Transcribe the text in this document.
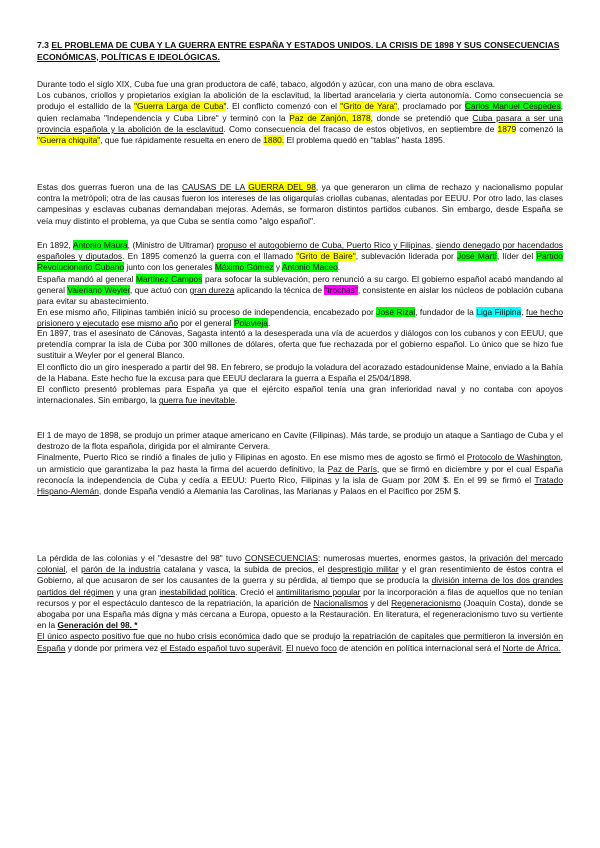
7.3 EL PROBLEMA DE CUBA Y LA GUERRA ENTRE ESPAÑA Y ESTADOS UNIDOS. LA CRISIS DE 1898 Y SUS CONSECUENCIAS ECONÓMICAS, POLÍTICAS E IDEOLÓGICAS.

Durante todo el siglo XIX, Cuba fue una gran productora de café, tabaco, algodón y azúcar, con una mano de obra esclava.

Los cubanos, criollos y propietarios exigían la abolición de la esclavitud, la libertad arancelaria y cierta autonomía. Como consecuencia se produjo el estallido de la "Guerra Larga de Cuba". El conflicto comenzó con el "Grito de Yara", proclamado por Carlos Manuel Céspedes, quien reclamaba "Independencia y Cuba Libre" y terminó con la Paz de Zanjón, 1878, donde se pretendió que Cuba pasara a ser una provincia española y la abolición de la esclavitud. Como consecuencia del fracaso de estos objetivos, en septiembre de 1879 comenzó la "Guerra chiquita", que fue rápidamente resuelta en enero de 1880. El problema quedó en "tablas" hasta 1895.

Estas dos guerras fueron una de las CAUSAS DE LA GUERRA DEL 98, ya que generaron un clima de rechazo y nacionalismo popular contra la metrópoli; otra de las causas fueron los intereses de las oligarquías criollas cubanas, alentadas por EEUU. Por otro lado, las clases campesinas y esclavas cubanas demandaban mejoras. Además, se formaron distintos partidos cubanos. Sin embargo, desde España se veía muy distinto el problema, ya que Cuba se sentía como "algo español".

En 1892, Antonio Maura, (Ministro de Ultramar) propuso el autogobierno de Cuba, Puerto Rico y Filipinas, siendo denegado por hacendados españoles y diputados. En 1895 comenzó la guerra con el llamado "Grito de Baire", sublevación liderada por José Martí, líder del Partido Revolucionario Cubano junto con los generales Máximo Gómez y Antonio Maceo.

España mandó al general Martínez Campos para sofocar la sublevación, pero renunció a su cargo. El gobierno español acabó mandando al general Valeriano Weyler, que actuó con gran dureza aplicando la técnica de "trochas", consistente en aislar los núcleos de población cubana para evitar su abastecimiento.

En ese mismo año, Filipinas también inició su proceso de independencia, encabezado por José Rizal, fundador de la Liga Filipina, fue hecho prisionero y ejecutado ese mismo año por el general Polavieja.

En 1897, tras el asesinato de Cánovas, Sagasta intentó a la desesperada una vía de acuerdos y diálogos con los cubanos y con EEUU, que pretendía comprar la isla de Cuba por 300 millones de dólares, oferta que fue rechazada por el gobierno español. Lo único que se hizo fue sustituir a Weyler por el general Blanco.

El conflicto dio un giro inesperado a partir del 98. En febrero, se produjo la voladura del acorazado estadounidense Maine, enviado a la Bahía de la Habana. Este hecho fue la excusa para que EEUU declarara la guerra a España el 25/04/1898.

El conflicto presentó problemas para España ya que el ejército español tenía una gran inferioridad naval y no contaba con apoyos internacionales. Sin embargo, la guerra fue inevitable.

El 1 de mayo de 1898, se produjo un primer ataque americano en Cavite (Filipinas). Más tarde, se produjo un ataque a Santiago de Cuba y el destrozo de la flota española, dirigida por el almirante Cervera.

Finalmente, Puerto Rico se rindió a finales de julio y Filipinas en agosto. En ese mismo mes de agosto se firmó el Protocolo de Washington, un armisticio que garantizaba la paz hasta la firma del acuerdo definitivo, la Paz de París, que se firmó en diciembre y por el cual España reconocía la independencia de Cuba y cedía a EEUU: Puerto Rico, Filipinas y la isla de Guam por 20M $. En el 99 se firmó el Tratado Hispano-Alemán, donde España vendió a Alemania las Carolinas, las Marianas y Palaos en el Pacífico por 25M $.

La pérdida de las colonias y el "desastre del 98" tuvo CONSECUENCIAS: numerosas muertes, enormes gastos, la privación del mercado colonial, el parón de la industria catalana y vasca, la subida de precios, el desprestigio militar y el gran resentimiento de éstos contra el Gobierno, al que acusaron de ser los causantes de la guerra y su pérdida, al tiempo que se producía la división interna de los dos grandes partidos del régimen y una gran inestabilidad política. Creció el antimilitarismo popular por la incorporación a filas de aquellos que no tenían recursos y por el espectáculo dantesco de la repatriación, la aparición de Nacionalismos y del Regeneracionismo (Joaquín Costa), donde se abogaba por una España más digna y más cercana a Europa, opuesto a la Restauración. En literatura, el regeneracionismo tuvo su vertiente en la Generación del 98. *

El único aspecto positivo fue que no hubo crisis económica dado que se produjo la repatriación de capitales que permitieron la inversión en España y donde por primera vez el Estado español tuvo superávit. El nuevo foco de atención en política internacional será el Norte de África.
